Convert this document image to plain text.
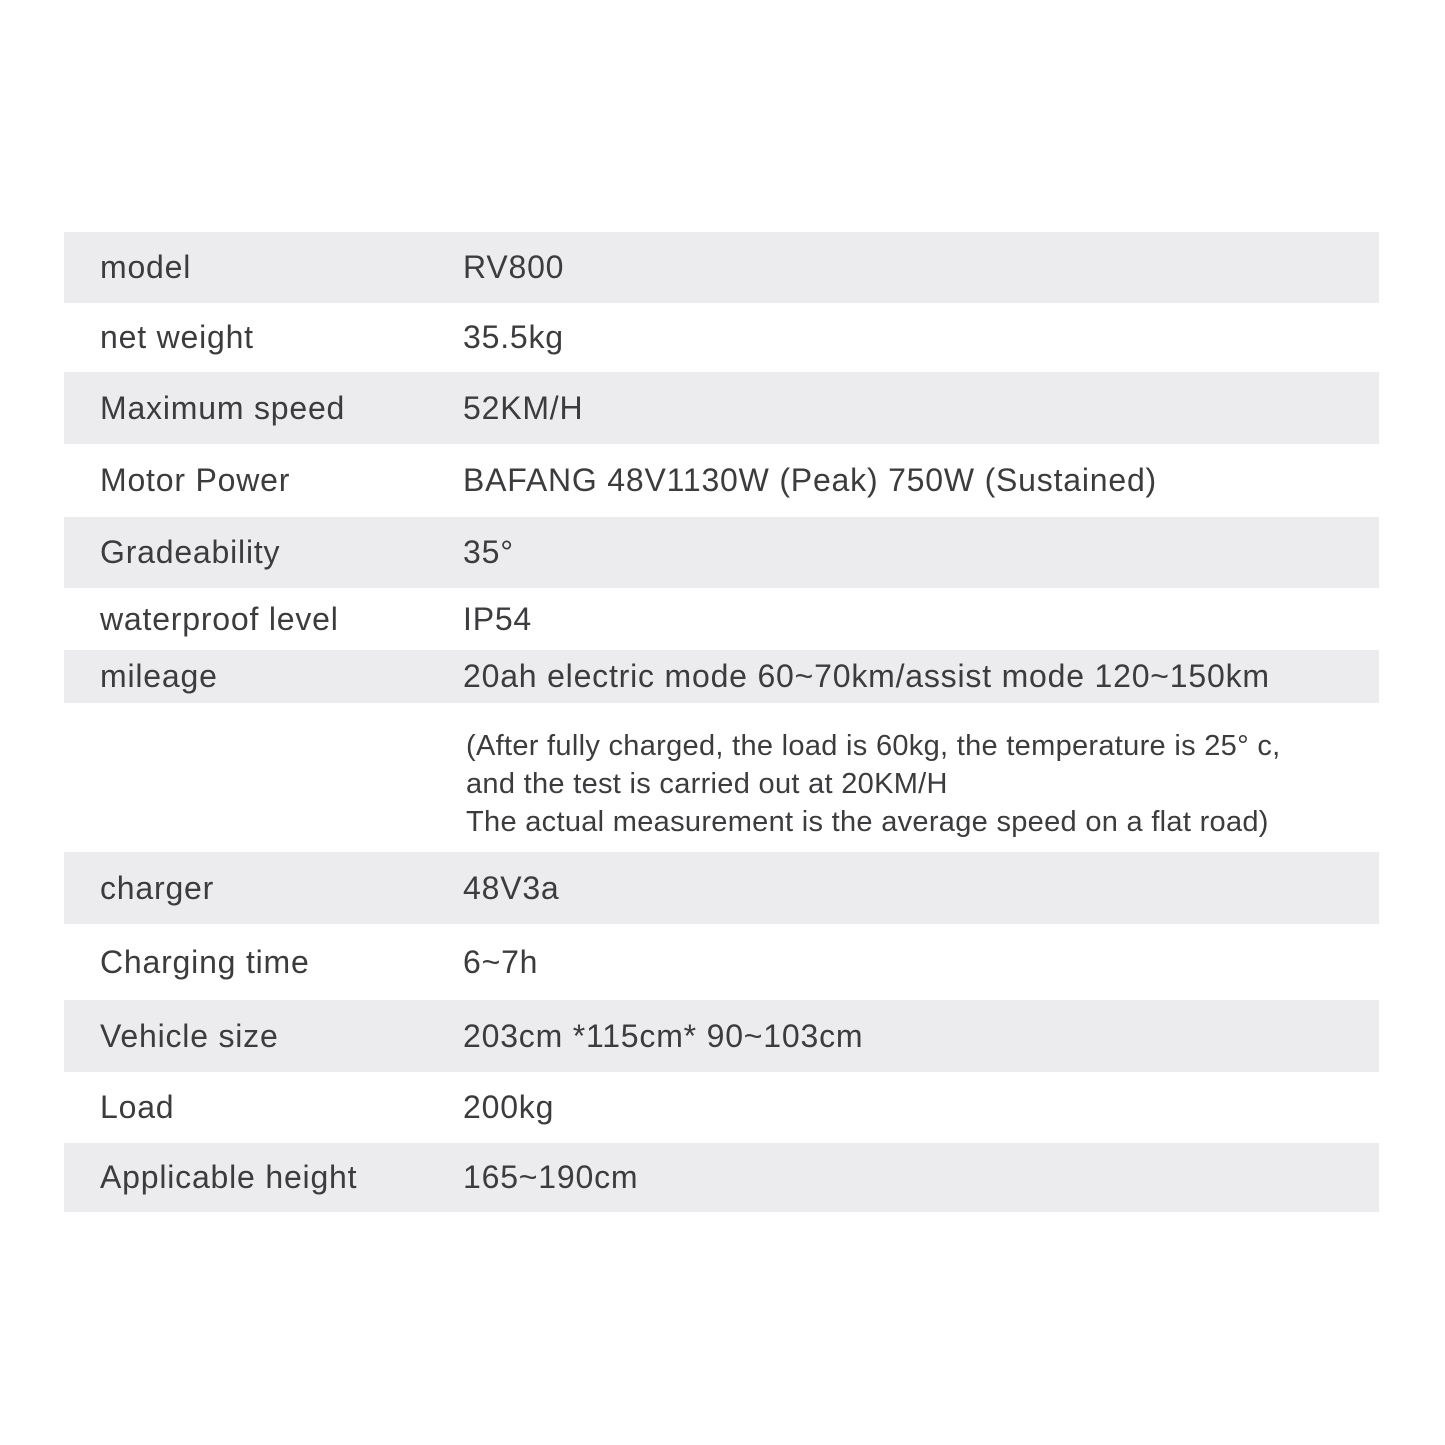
model	RV800
net weight	35.5kg
Maximum speed	52KM/H
Motor Power	BAFANG 48V1130W (Peak) 750W (Sustained)
Gradeability	35°
waterproof level	IP54
mileage	20ah electric mode 60~70km/assist mode 120~150km
(After fully charged, the load is 60kg, the temperature is 25° c,
and the test is carried out at 20KM/H
The actual measurement is the average speed on a flat road)
charger	48V3a
Charging time	6~7h
Vehicle size	203cm *115cm* 90~103cm
Load	200kg
Applicable height	165~190cm
